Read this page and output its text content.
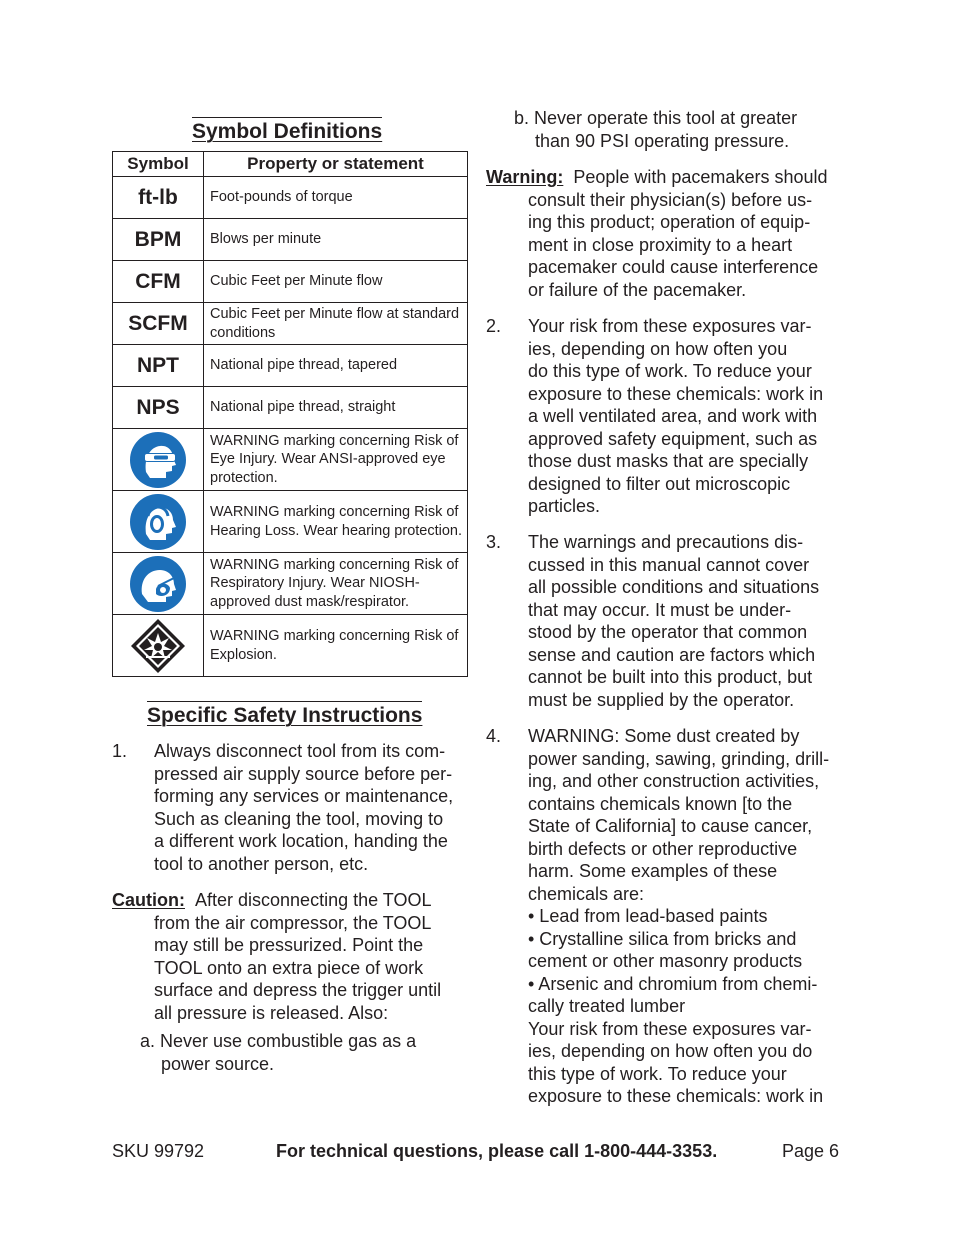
Symbol Definitions
Symbol	Property or statement
ft-lb	Foot-pounds of torque
BPM	Blows per minute
CFM	Cubic Feet per Minute flow
SCFM	Cubic Feet per Minute flow at standard conditions
NPT	National pipe thread, tapered
NPS	National pipe thread, straight

	WARNING marking concerning Risk of Eye Injury. Wear ANSI-approved eye protection.

	WARNING marking concerning Risk of Hearing Loss. Wear hearing protection.

	WARNING marking concerning Risk of Respiratory Injury. Wear NIOSH-approved dust mask/respirator.

	WARNING marking concerning Risk of Explosion.
Specific Safety Instructions
1. Always disconnect tool from its com-
pressed air supply source before per-
forming any services or maintenance,
Such as cleaning the tool, moving to
a different work location, handing the
tool to another person, etc.
Caution: After disconnecting the TOOL
from the air compressor, the TOOL
may still be pressurized. Point the
TOOL onto an extra piece of work
surface and depress the trigger until
all pressure is released. Also:
a. Never use combustible gas as a
power source.
b. Never operate this tool at greater
than 90 PSI operating pressure.
Warning: People with pacemakers should
consult their physician(s) before us-
ing this product; operation of equip-
ment in close proximity to a heart
pacemaker could cause interference
or failure of the pacemaker.
2. Your risk from these exposures var-
ies, depending on how often you
do this type of work. To reduce your
exposure to these chemicals: work in
a well ventilated area, and work with
approved safety equipment, such as
those dust masks that are specially
designed to filter out microscopic
particles.
3. The warnings and precautions dis-
cussed in this manual cannot cover
all possible conditions and situations
that may occur. It must be under-
stood by the operator that common
sense and caution are factors which
cannot be built into this product, but
must be supplied by the operator.
4. WARNING: Some dust created by
power sanding, sawing, grinding, drill-
ing, and other construction activities,
contains chemicals known [to the
State of California] to cause cancer,
birth defects or other reproductive
harm. Some examples of these
chemicals are:
• Lead from lead-based paints
• Crystalline silica from bricks and
cement or other masonry products
• Arsenic and chromium from chemi-
cally treated lumber
Your risk from these exposures var-
ies, depending on how often you do
this type of work. To reduce your
exposure to these chemicals: work in
SKU 99792	For technical questions, please call 1-800-444-3353.	Page 6
